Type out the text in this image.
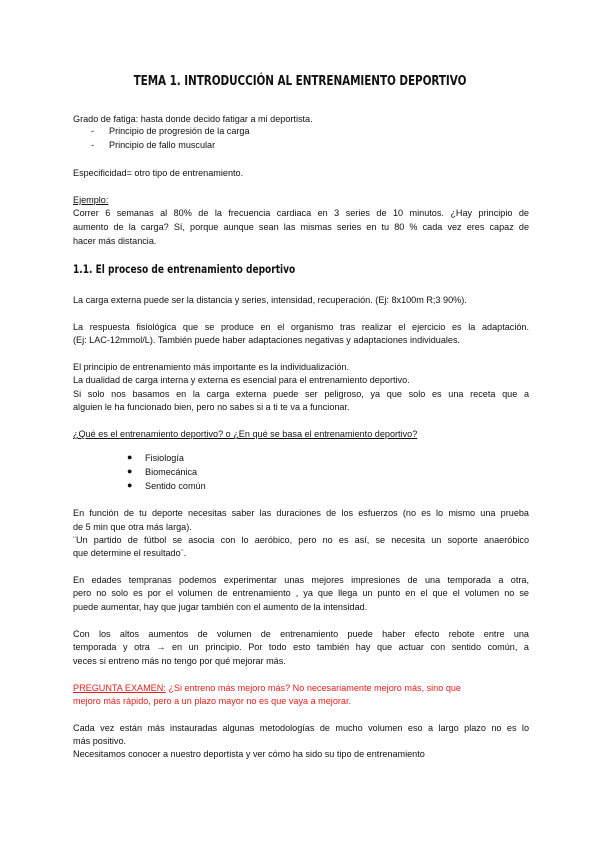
TEMA 1. INTRODUCCIÓN AL ENTRENAMIENTO DEPORTIVO

Grado de fatiga: hasta donde decido fatigar a mi deportista.

- Principio de progresión de la carga

- Principio de fallo muscular

Especificidad= otro tipo de entrenamiento.

Ejemplo:

Correr 6 semanas al 80% de la frecuencia cardiaca en 3 series de 10 minutos. ¿Hay principio de

aumento de la carga? Sí, porque aunque sean las mismas series en tu 80 % cada vez eres capaz de

hacer más distancia.

1.1. El proceso de entrenamiento deportivo

La carga externa puede ser la distancia y series, intensidad, recuperación. (Ej: 8x100m R;3 90%).

La respuesta fisiológica que se produce en el organismo tras realizar el ejercicio es la adaptación.

(Ej: LAC-12mmol/L). También puede haber adaptaciones negativas y adaptaciones individuales.

El principio de entrenamiento más importante es la individualización.

La dualidad de carga interna y externa es esencial para el entrenamiento deportivo.

Si solo nos basamos en la carga externa puede ser peligroso, ya que solo es una receta que a

alguien le ha funcionado bien, pero no sabes si a ti te va a funcionar.

¿Qué es el entrenamiento deportivo? o ¿En qué se basa el entrenamiento deportivo?

● Fisiología

● Biomecánica

● Sentido común

En función de tu deporte necesitas saber las duraciones de los esfuerzos (no es lo mismo una prueba

de 5 min que otra más larga).

¨Un partido de fútbol se asocia con lo aeróbico, pero no es así, se necesita un soporte anaeróbico

que determine el resultado¨.

En edades tempranas podemos experimentar unas mejores impresiones de una temporada a otra,

pero no solo es por el volumen de entrenamiento , ya que llega un punto en el que el volumen no se

puede aumentar, hay que jugar también con el aumento de la intensidad.

Con los altos aumentos de volumen de entrenamiento puede haber efecto rebote entre una

temporada y otra → en un principio. Por todo esto también hay que actuar con sentido común, a

veces si entreno más no tengo por qué mejorar más.

PREGUNTA EXAMEN: ¿Si entreno más mejoro más? No necesariamente mejoro más, sino que

mejoro más rápido, pero a un plazo mayor no es que vaya a mejorar.

Cada vez están más instauradas algunas metodologías de mucho volumen eso a largo plazo no es lo

más positivo.

Necesitamos conocer a nuestro deportista y ver cómo ha sido su tipo de entrenamiento
